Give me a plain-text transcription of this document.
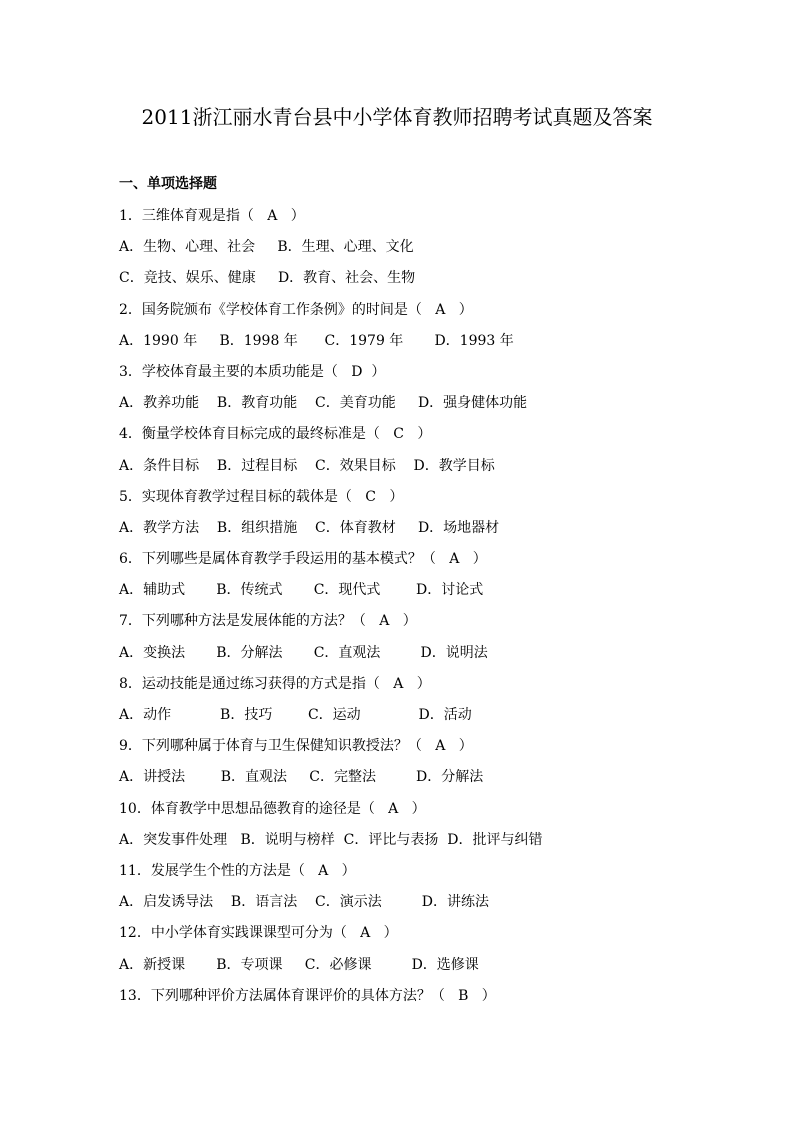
2011浙江丽水青台县中小学体育教师招聘考试真题及答案
一、单项选择题
1．三维体育观是指（   A   ）
A．生物、心理、社会     B．生理、心理、文化
C．竞技、娱乐、健康     D．教育、社会、生物
2．国务院颁布《学校体育工作条例》的时间是（   A   ）
A．1990 年     B．1998 年      C．1979 年       D．1993 年
3．学校体育最主要的本质功能是（   D  ）
A．教养功能    B．教育功能    C．美育功能     D．强身健体功能
4．衡量学校体育目标完成的最终标准是（   C   ）
A．条件目标    B．过程目标    C．效果目标    D．教学目标
5．实现体育教学过程目标的载体是（   C   ）
A．教学方法    B．组织措施    C．体育教材     D．场地器材
6．下列哪些是属体育教学手段运用的基本模式？（   A   ）
A．辅助式       B．传统式       C．现代式        D．讨论式
7．下列哪种方法是发展体能的方法？（   A   ）
A．变换法       B．分解法       C．直观法         D．说明法
8．运动技能是通过练习获得的方式是指（   A   ）
A．动作           B．技巧        C．运动             D．活动
9．下列哪种属于体育与卫生保健知识教授法？（   A   ）
A．讲授法        B．直观法     C．完整法         D．分解法
10．体育教学中思想品德教育的途径是（   A   ）
A．突发事件处理   B．说明与榜样  C．评比与表扬  D．批评与纠错
11．发展学生个性的方法是（   A   ）
A．启发诱导法    B．语言法    C．演示法         D．讲练法
12．中小学体育实践课课型可分为（   A   ）
A．新授课       B．专项课     C．必修课         D．选修课
13．下列哪种评价方法属体育课评价的具体方法？（   B   ）
